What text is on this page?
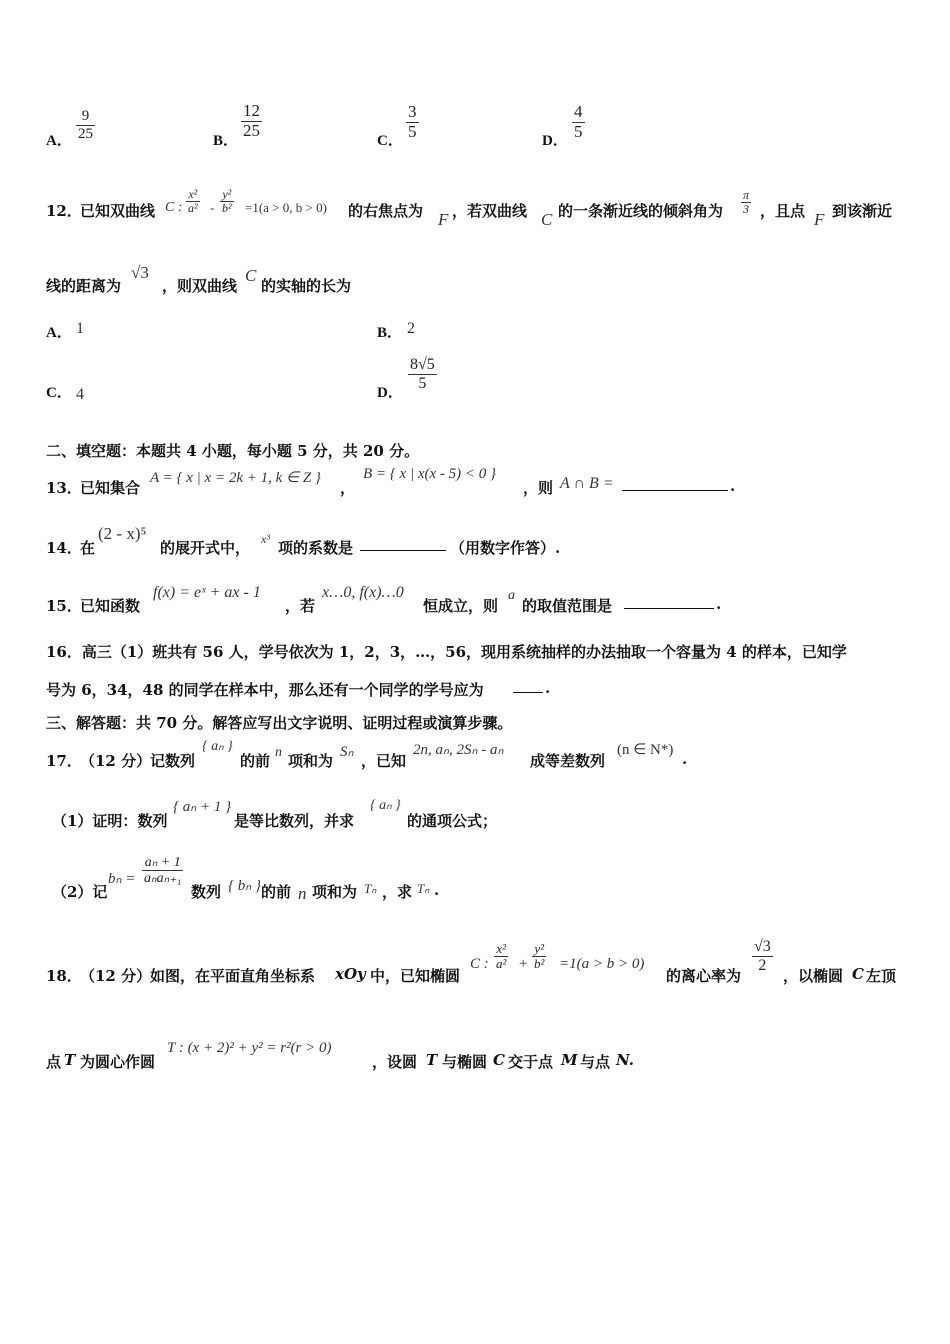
A．
9
25	B．
12
25
C．
3
5
D．
4
5
12．
已知双曲线 C :
x²
a² -
y²
b² =1(a > 0, b > 0) 的右焦点为 F ，若双曲线 C 的一条渐近线的倾斜角为
π
3 ，且点 F 到该渐近
线的距离为
√3
，则双曲线
C
的实轴的长为
A． 1	B． 2
C． 4	D．
8√5
5
二、填空题：本题共 4 小题，每小题 5 分，共 20 分。
13．
已知集合
A = { x | x = 2k + 1, k ∈ Z }
，
B = { x | x(x - 5) < 0 }
，则 A ∩ B =	.
14．
在
(2 - x)⁵
的展开式中， x³ 项的系数是	（用数字作答）.
15．
已知函数
f(x) = eˣ + ax - 1
，若
x…0, f(x)…0
恒成立，则
a
的取值范围是	.
16．高三（1）班共有 56 人，学号依次为 1，2，3，…，56，现用系统抽样的办法抽取一个容量为 4 的样本，已知学
号为 6，34，48 的同学在样本中，那么还有一个同学的学号应为	.
三、解答题：共 70 分。解答应写出文字说明、证明过程或演算步骤。
17．
（12 分）
记数列
{ aₙ }
的前 n 项和为 Sₙ ，已知
2n, aₙ, 2Sₙ - aₙ
成等差数列
(n ∈ N*) .
（1）证明：数列
{ aₙ + 1 }
是等比数列，并求
{ aₙ }
的通项公式；
（2）记
bₙ =
aₙ + 1
aₙaₙ₊₁
数列 { bₙ } 的前 n 项和为 Tₙ ，求 Tₙ .
18．
（12 分）
如图，在平面直角坐标系 xOy 中，已知椭圆
C :
x²
a² +
y²
b² =1(a > b > 0)
的离心率为
√3
2
，以椭圆 C 左顶
点 T 为圆心作圆
T : (x + 2)² + y² = r²(r > 0)
，设圆 T 与椭圆 C 交于点 M 与点 N.
